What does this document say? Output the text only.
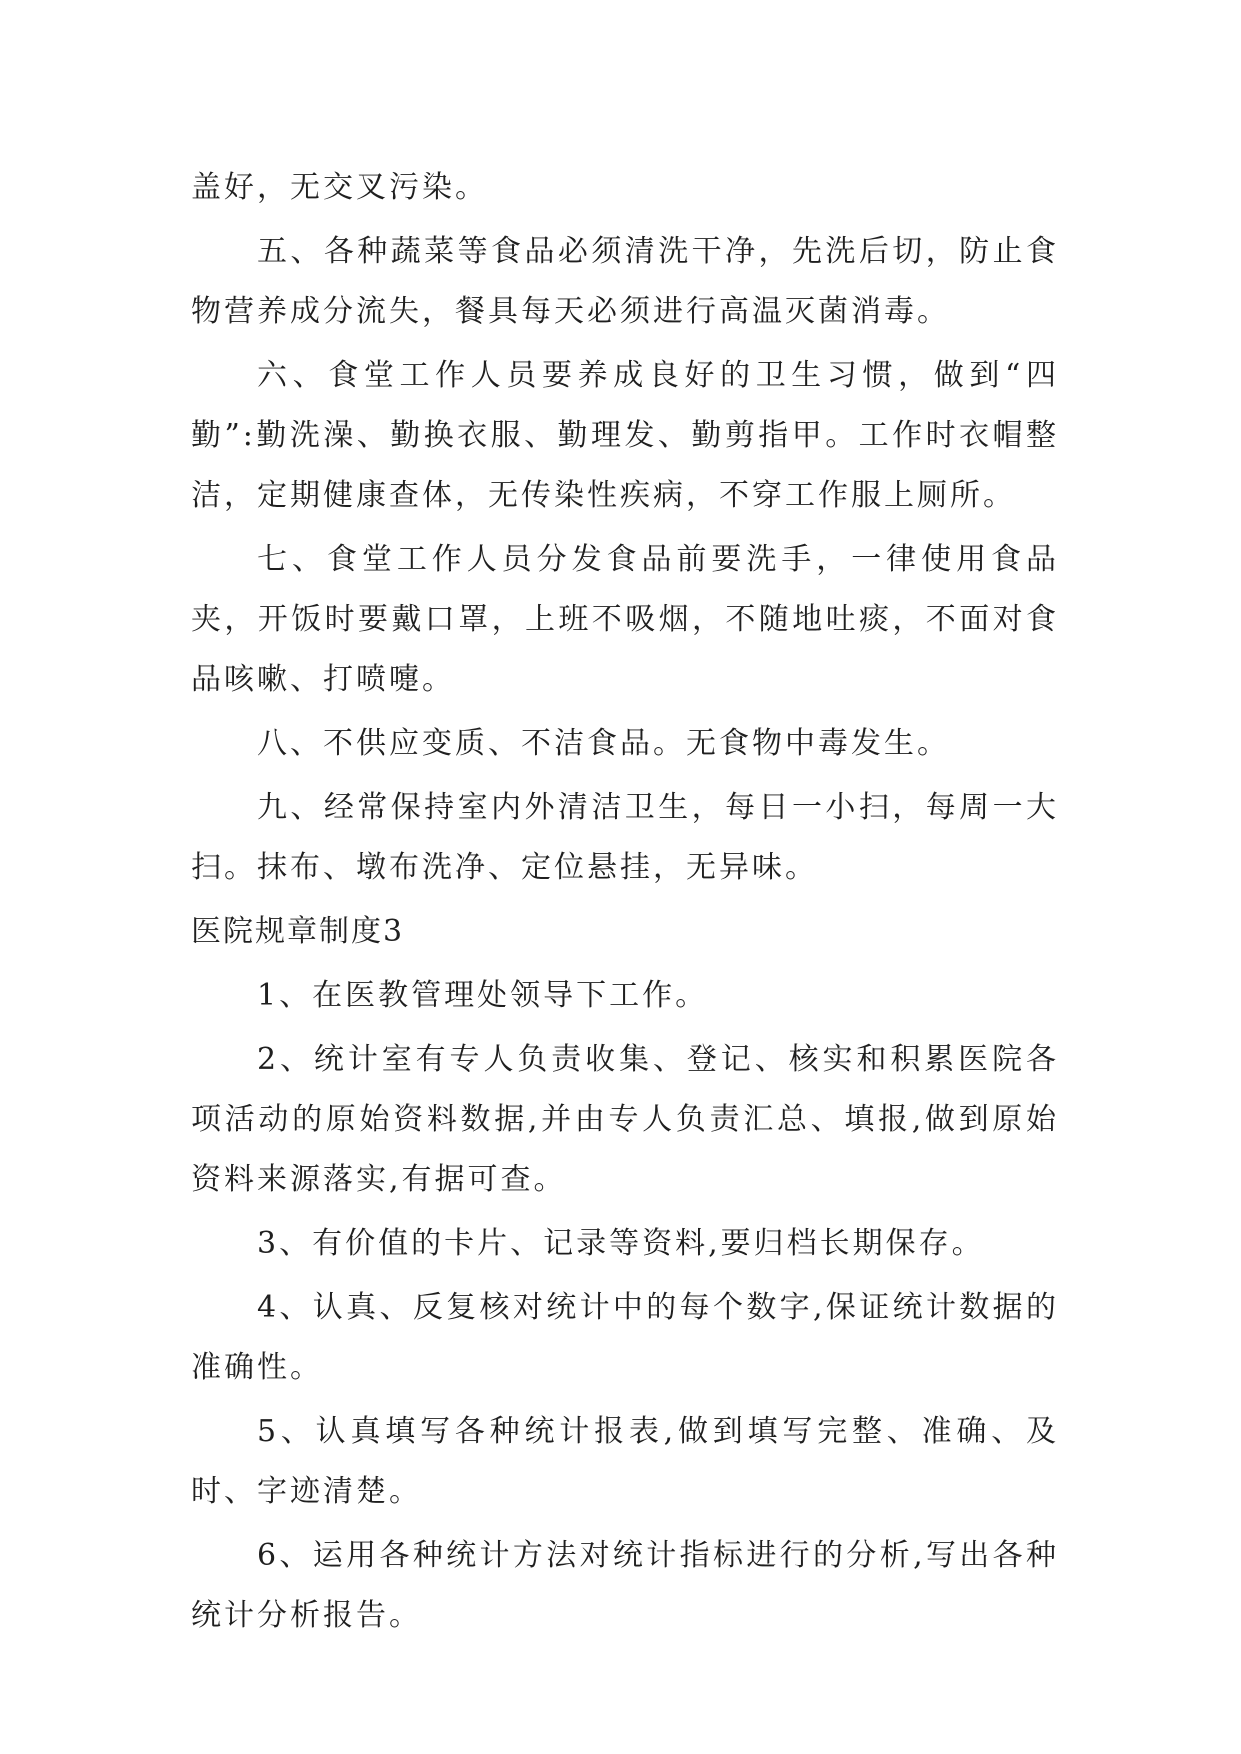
盖好，无交叉污染。

五、各种蔬菜等食品必须清洗干净，先洗后切，防止食物营养成分流失，餐具每天必须进行高温灭菌消毒。

六、食堂工作人员要养成良好的卫生习惯，做到“四勤”:勤洗澡、勤换衣服、勤理发、勤剪指甲。工作时衣帽整洁，定期健康查体，无传染性疾病，不穿工作服上厕所。

七、食堂工作人员分发食品前要洗手，一律使用食品夹，开饭时要戴口罩，上班不吸烟，不随地吐痰，不面对食品咳嗽、打喷嚏。

八、不供应变质、不洁食品。无食物中毒发生。

九、经常保持室内外清洁卫生，每日一小扫，每周一大扫。抹布、墩布洗净、定位悬挂，无异味。

医院规章制度3

1、在医教管理处领导下工作。

2、统计室有专人负责收集、登记、核实和积累医院各项活动的原始资料数据,并由专人负责汇总、填报,做到原始资料来源落实,有据可查。

3、有价值的卡片、记录等资料,要归档长期保存。

4、认真、反复核对统计中的每个数字,保证统计数据的准确性。

5、认真填写各种统计报表,做到填写完整、准确、及时、字迹清楚。

6、运用各种统计方法对统计指标进行的分析,写出各种统计分析报告。
